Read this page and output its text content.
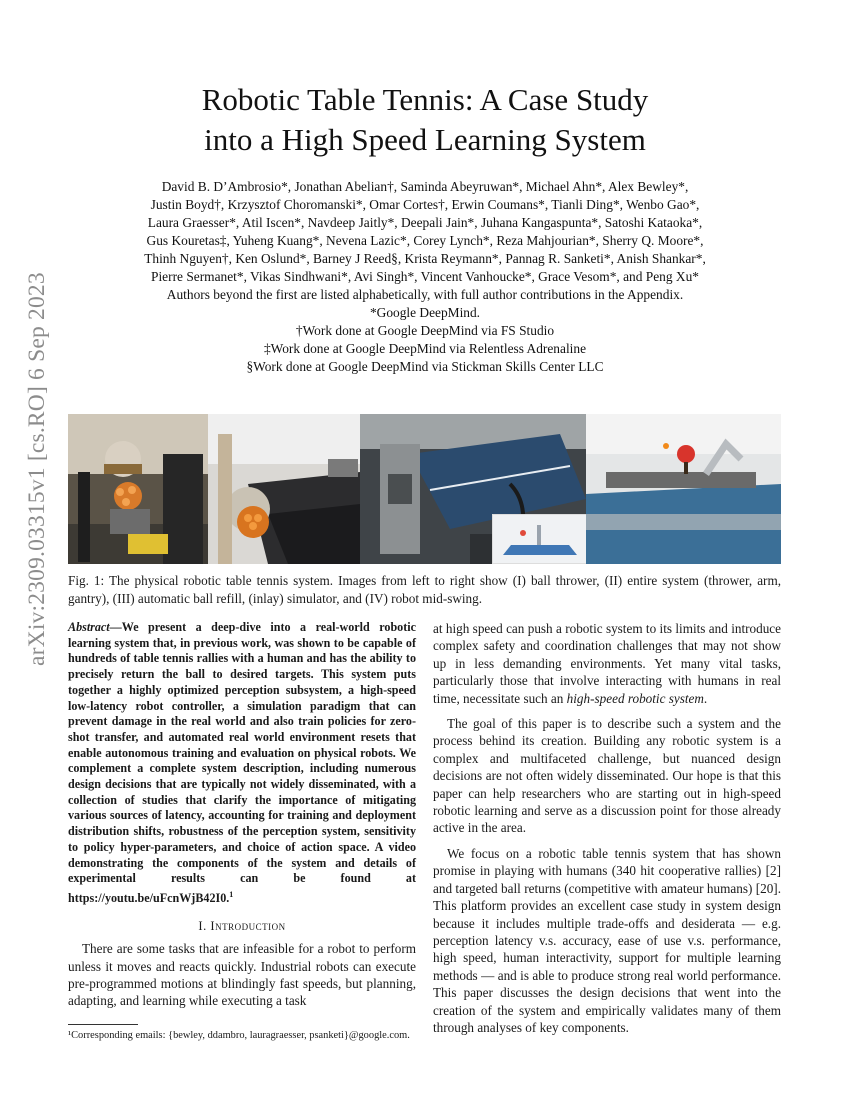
arXiv:2309.03315v1 [cs.RO] 6 Sep 2023
Robotic Table Tennis: A Case Study
into a High Speed Learning System
David B. D’Ambrosio*, Jonathan Abelian†, Saminda Abeyruwan*, Michael Ahn*, Alex Bewley*,
Justin Boyd†, Krzysztof Choromanski*, Omar Cortes†, Erwin Coumans*, Tianli Ding*, Wenbo Gao*,
Laura Graesser*, Atil Iscen*, Navdeep Jaitly*, Deepali Jain*, Juhana Kangaspunta*, Satoshi Kataoka*,
Gus Kouretas‡, Yuheng Kuang*, Nevena Lazic*, Corey Lynch*, Reza Mahjourian*, Sherry Q. Moore*,
Thinh Nguyen†, Ken Oslund*, Barney J Reed§, Krista Reymann*, Pannag R. Sanketi*, Anish Shankar*,
Pierre Sermanet*, Vikas Sindhwani*, Avi Singh*, Vincent Vanhoucke*, Grace Vesom*, and Peng Xu*
Authors beyond the first are listed alphabetically, with full author contributions in the Appendix.

*Google DeepMind.

†Work done at Google DeepMind via FS Studio

‡Work done at Google DeepMind via Relentless Adrenaline

§Work done at Google DeepMind via Stickman Skills Center LLC

Fig. 1: The physical robotic table tennis system. Images from left to right show (I) ball thrower, (II) entire system (thrower, arm, gantry), (III) automatic ball refill, (inlay) simulator, and (IV) robot mid-swing.

Abstract—We present a deep-dive into a real-world robotic learning system that, in previous work, was shown to be capable of hundreds of table tennis rallies with a human and has the ability to precisely return the ball to desired targets. This system puts together a highly optimized perception subsystem, a high-speed low-latency robot controller, a simulation paradigm that can prevent damage in the real world and also train policies for zero-shot transfer, and automated real world environment resets that enable autonomous training and evaluation on physical robots. We complement a complete system description, including numerous design decisions that are typically not widely disseminated, with a collection of studies that clarify the importance of mitigating various sources of latency, accounting for training and deployment distribution shifts, robustness of the perception system, sensitivity to policy hyper-parameters, and choice of action space. A video demonstrating the components of the system and details of experimental results can be found at https://youtu.be/uFcnWjB42I0.$^1$

I. Introduction

There are some tasks that are infeasible for a robot to perform unless it moves and reacts quickly. Industrial robots can execute pre-programmed motions at blindingly fast speeds, but planning, adapting, and learning while executing a task

¹Corresponding emails: {bewley, ddambro, lauragraesser, psanketi}@google.com.

at high speed can push a robotic system to its limits and introduce complex safety and coordination challenges that may not show up in less demanding environments. Yet many vital tasks, particularly those that involve interacting with humans in real time, necessitate such an high-speed robotic system.

The goal of this paper is to describe such a system and the process behind its creation. Building any robotic system is a complex and multifaceted challenge, but nuanced design decisions are not often widely disseminated. Our hope is that this paper can help researchers who are starting out in high-speed robotic learning and serve as a discussion point for those already active in the area.

We focus on a robotic table tennis system that has shown promise in playing with humans (340 hit cooperative rallies) [2] and targeted ball returns (competitive with amateur humans) [20]. This platform provides an excellent case study in system design because it includes multiple trade-offs and desiderata — e.g. perception latency v.s. accuracy, ease of use v.s. performance, high speed, human interactivity, support for multiple learning methods — and is able to produce strong real world performance. This paper discusses the design decisions that went into the creation of the system and empirically validates many of them through analyses of key components.
